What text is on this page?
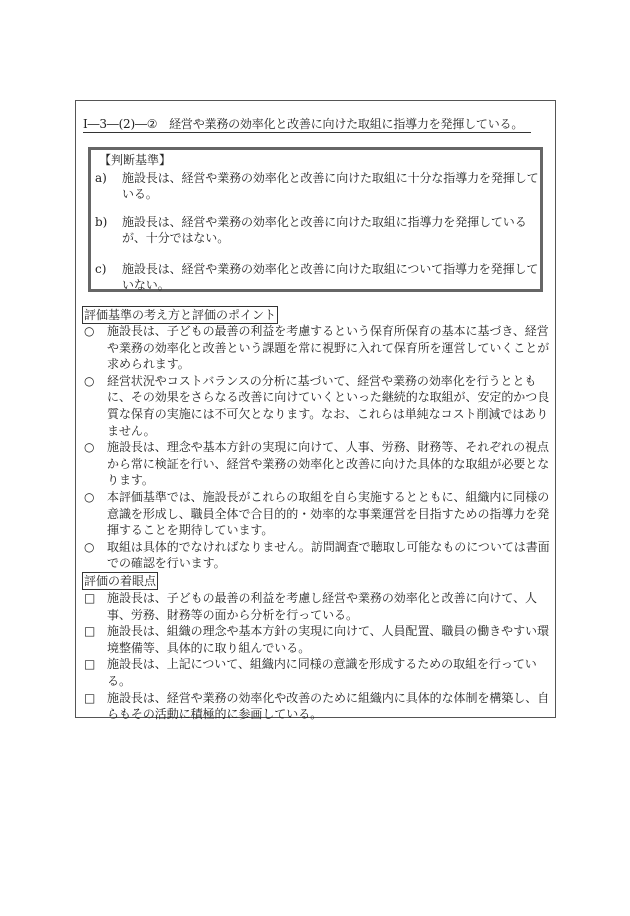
Ⅰ―3―(2)―②　経営や業務の効率化と改善に向けた取組に指導力を発揮している。
【判断基準】
a)	施設長は、経営や業務の効率化と改善に向けた取組に十分な指導力を発揮して
いる。
b)	施設長は、経営や業務の効率化と改善に向けた取組に指導力を発揮している
が、十分ではない。
c)	施設長は、経営や業務の効率化と改善に向けた取組について指導力を発揮して
いない。
評価基準の考え方と評価のポイント
○ 施設長は、子どもの最善の利益を考慮するという保育所保育の基本に基づき、経営
や業務の効率化と改善という課題を常に視野に入れて保育所を運営していくことが
求められます。
○ 経営状況やコストバランスの分析に基づいて、経営や業務の効率化を行うととも
に、その効果をさらなる改善に向けていくといった継続的な取組が、安定的かつ良
質な保育の実施には不可欠となります。なお、これらは単純なコスト削減ではあり
ません。
○ 施設長は、理念や基本方針の実現に向けて、人事、労務、財務等、それぞれの視点
から常に検証を行い、経営や業務の効率化と改善に向けた具体的な取組が必要とな
ります。
○ 本評価基準では、施設長がこれらの取組を自ら実施するとともに、組織内に同様の
意識を形成し、職員全体で合目的的・効率的な事業運営を目指すための指導力を発
揮することを期待しています。
○ 取組は具体的でなければなりません。訪問調査で聴取し可能なものについては書面
での確認を行います。
評価の着眼点
□ 施設長は、子どもの最善の利益を考慮し経営や業務の効率化と改善に向けて、人
事、労務、財務等の面から分析を行っている。
□ 施設長は、組織の理念や基本方針の実現に向けて、人員配置、職員の働きやすい環
境整備等、具体的に取り組んでいる。
□ 施設長は、上記について、組織内に同様の意識を形成するための取組を行ってい
る。
□ 施設長は、経営や業務の効率化や改善のために組織内に具体的な体制を構築し、自
らもその活動に積極的に参画している。
